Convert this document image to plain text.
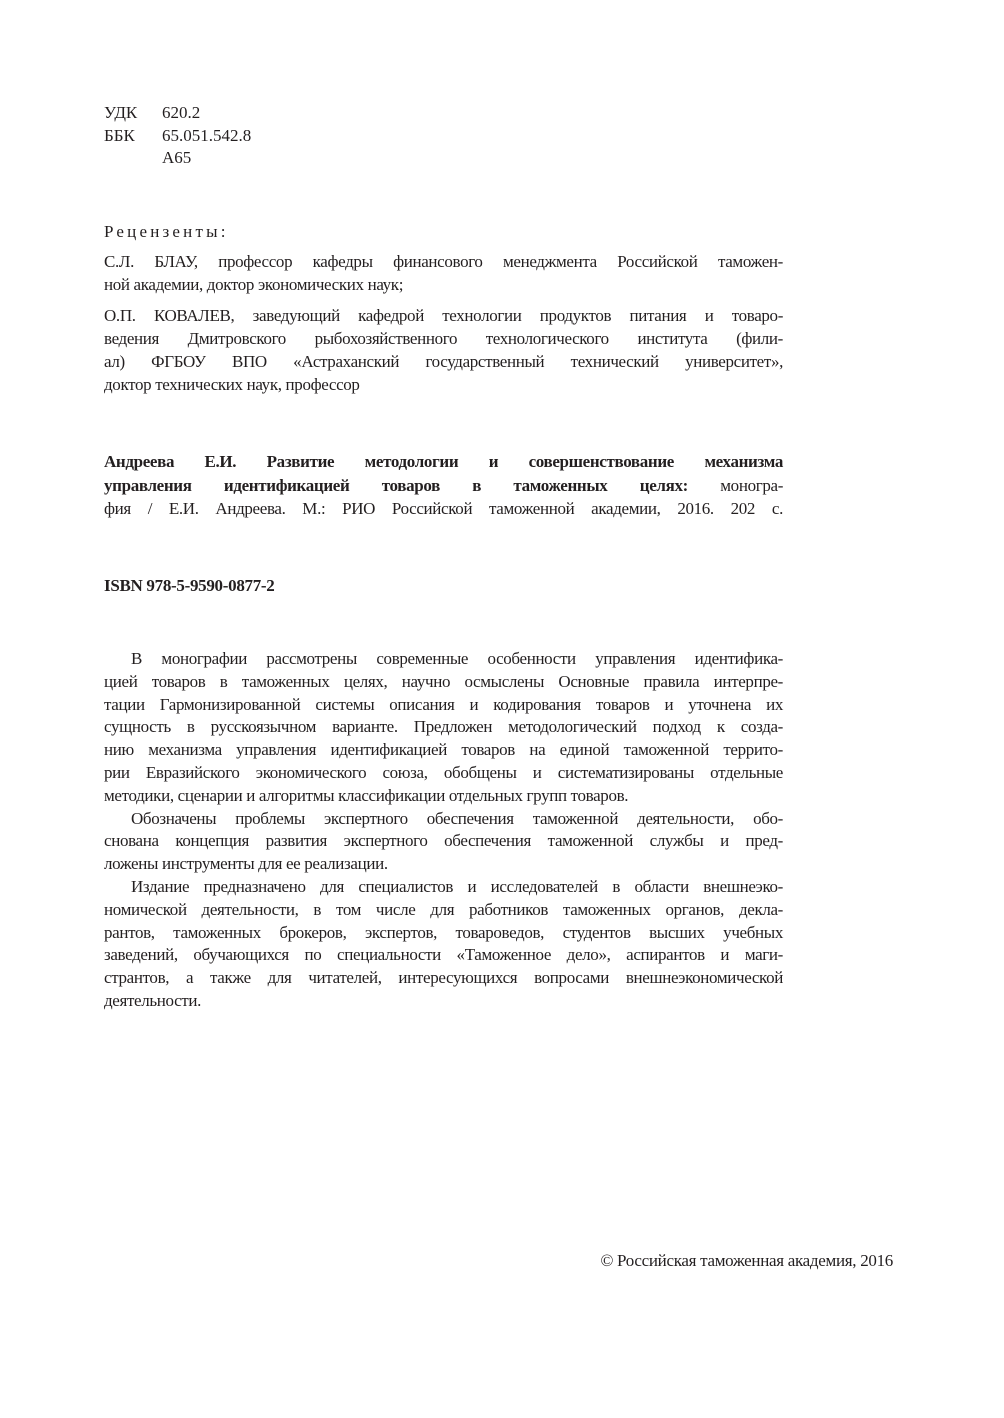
УДК	620.2
ББК	65.051.542.8
А65
Рецензенты:
С.Л. БЛАУ, профессор кафедры финансового менеджмента Российской таможен-
ной академии, доктор экономических наук;
О.П. КОВАЛЕВ, заведующий кафедрой технологии продуктов питания и товаро-
ведения Дмитровского рыбохозяйственного технологического института (фили-
ал) ФГБОУ ВПО «Астраханский государственный технический университет»,
доктор технических наук, профессор
Андреева Е.И. Развитие методологии и совершенствование механизма
управления идентификацией товаров в таможенных целях: моногра-
фия / Е.И. Андреева. М.: РИО Российской таможенной академии, 2016. 202 с.
ISBN 978-5-9590-0877-2
В монографии рассмотрены современные особенности управления идентифика-
цией товаров в таможенных целях, научно осмыслены Основные правила интерпре-
тации Гармонизированной системы описания и кодирования товаров и уточнена их
сущность в русскоязычном варианте. Предложен методологический подход к созда-
нию механизма управления идентификацией товаров на единой таможенной террито-
рии Евразийского экономического союза, обобщены и систематизированы отдельные
методики, сценарии и алгоритмы классификации отдельных групп товаров.
Обозначены проблемы экспертного обеспечения таможенной деятельности, обо-
снована концепция развития экспертного обеспечения таможенной службы и пред-
ложены инструменты для ее реализации.
Издание предназначено для специалистов и исследователей в области внешнеэко-
номической деятельности, в том числе для работников таможенных органов, декла-
рантов, таможенных брокеров, экспертов, товароведов, студентов высших учебных
заведений, обучающихся по специальности «Таможенное дело», аспирантов и маги-
странтов, а также для читателей, интересующихся вопросами внешнеэкономической
деятельности.
© Российская таможенная академия, 2016
